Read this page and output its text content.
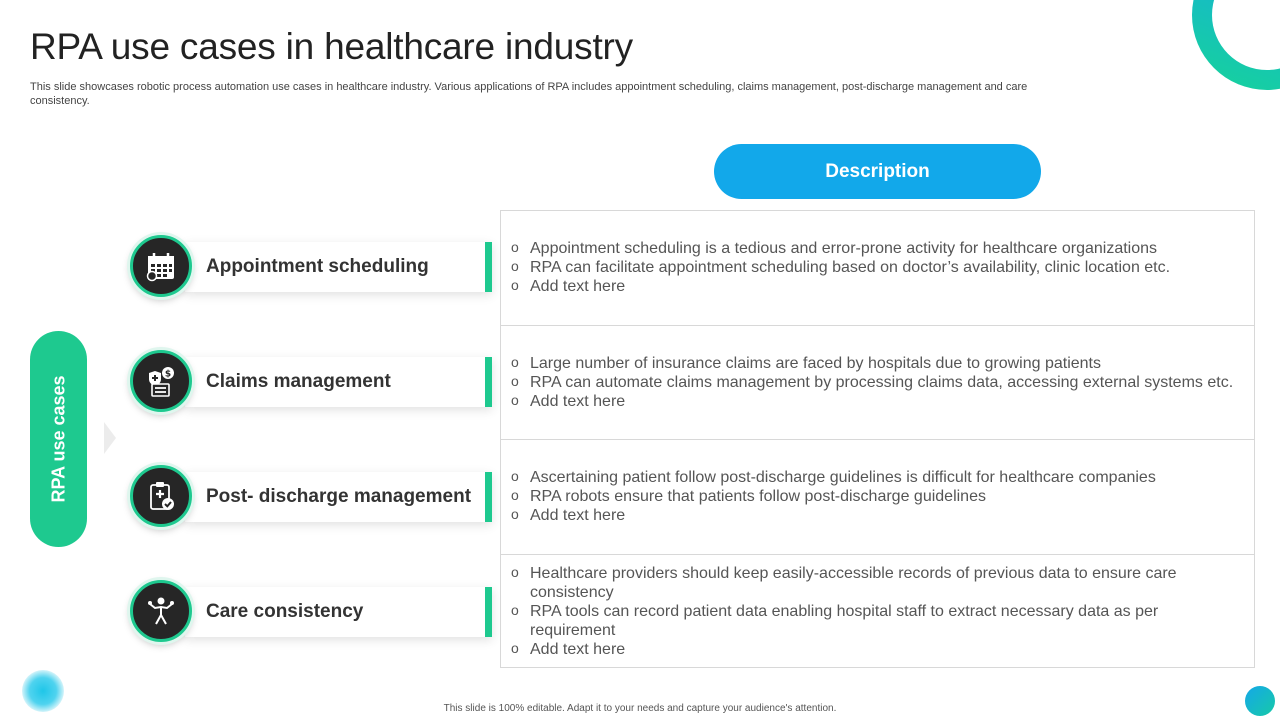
RPA use cases in healthcare industry

This slide showcases robotic process automation use cases in healthcare industry. Various applications of RPA includes appointment scheduling, claims management, post-discharge management and care consistency.

RPA use cases
Description
Appointment scheduling
Claims management
$
Post- discharge management
Care consistency
o Appointment scheduling is a tedious and error-prone activity for healthcare organizations
o RPA can facilitate appointment scheduling based on doctor’s availability, clinic location etc.
o Add text here
o Large number of insurance claims are faced by hospitals due to growing patients
o RPA can automate claims management by processing claims data, accessing external systems etc.
o Add text here
o Ascertaining patient follow post-discharge guidelines is difficult for healthcare companies
o RPA robots ensure that patients follow post-discharge guidelines
o Add text here
o Healthcare providers should keep easily-accessible records of previous data to ensure care consistency
o RPA tools can record patient data enabling hospital staff to extract necessary data as per requirement
o Add text here
This slide is 100% editable. Adapt it to your needs and capture your audience's attention.
